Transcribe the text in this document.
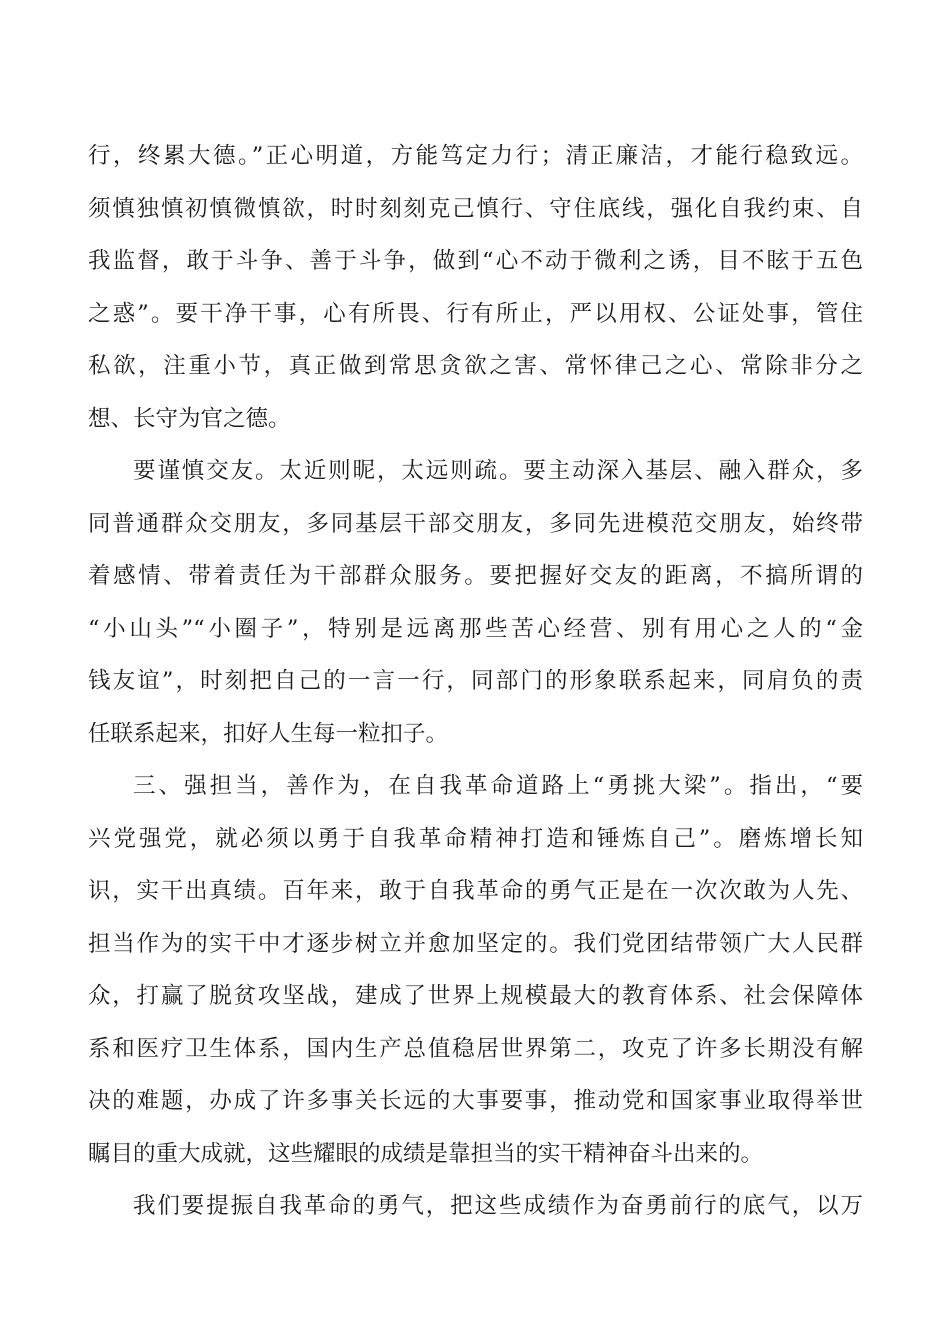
行，终累大德。”正心明道，方能笃定力行；清正廉洁，才能行稳致远。
须慎独慎初慎微慎欲，时时刻刻克己慎行、守住底线，强化自我约束、自
我监督，敢于斗争、善于斗争，做到“心不动于微利之诱，目不眩于五色
之惑”。要干净干事，心有所畏、行有所止，严以用权、公证处事，管住
私欲，注重小节，真正做到常思贪欲之害、常怀律己之心、常除非分之
想、长守为官之德。
要谨慎交友。太近则昵，太远则疏。要主动深入基层、融入群众，多
同普通群众交朋友，多同基层干部交朋友，多同先进模范交朋友，始终带
着感情、带着责任为干部群众服务。要把握好交友的距离，不搞所谓的
“小山头”“小圈子”，特别是远离那些苦心经营、别有用心之人的“金
钱友谊”，时刻把自己的一言一行，同部门的形象联系起来，同肩负的责
任联系起来，扣好人生每一粒扣子。
三、强担当，善作为，在自我革命道路上“勇挑大梁”。指出，“要
兴党强党，就必须以勇于自我革命精神打造和锤炼自己”。磨炼增长知
识，实干出真绩。百年来，敢于自我革命的勇气正是在一次次敢为人先、
担当作为的实干中才逐步树立并愈加坚定的。我们党团结带领广大人民群
众，打赢了脱贫攻坚战，建成了世界上规模最大的教育体系、社会保障体
系和医疗卫生体系，国内生产总值稳居世界第二，攻克了许多长期没有解
决的难题，办成了许多事关长远的大事要事，推动党和国家事业取得举世
瞩目的重大成就，这些耀眼的成绩是靠担当的实干精神奋斗出来的。
我们要提振自我革命的勇气，把这些成绩作为奋勇前行的底气，以万
